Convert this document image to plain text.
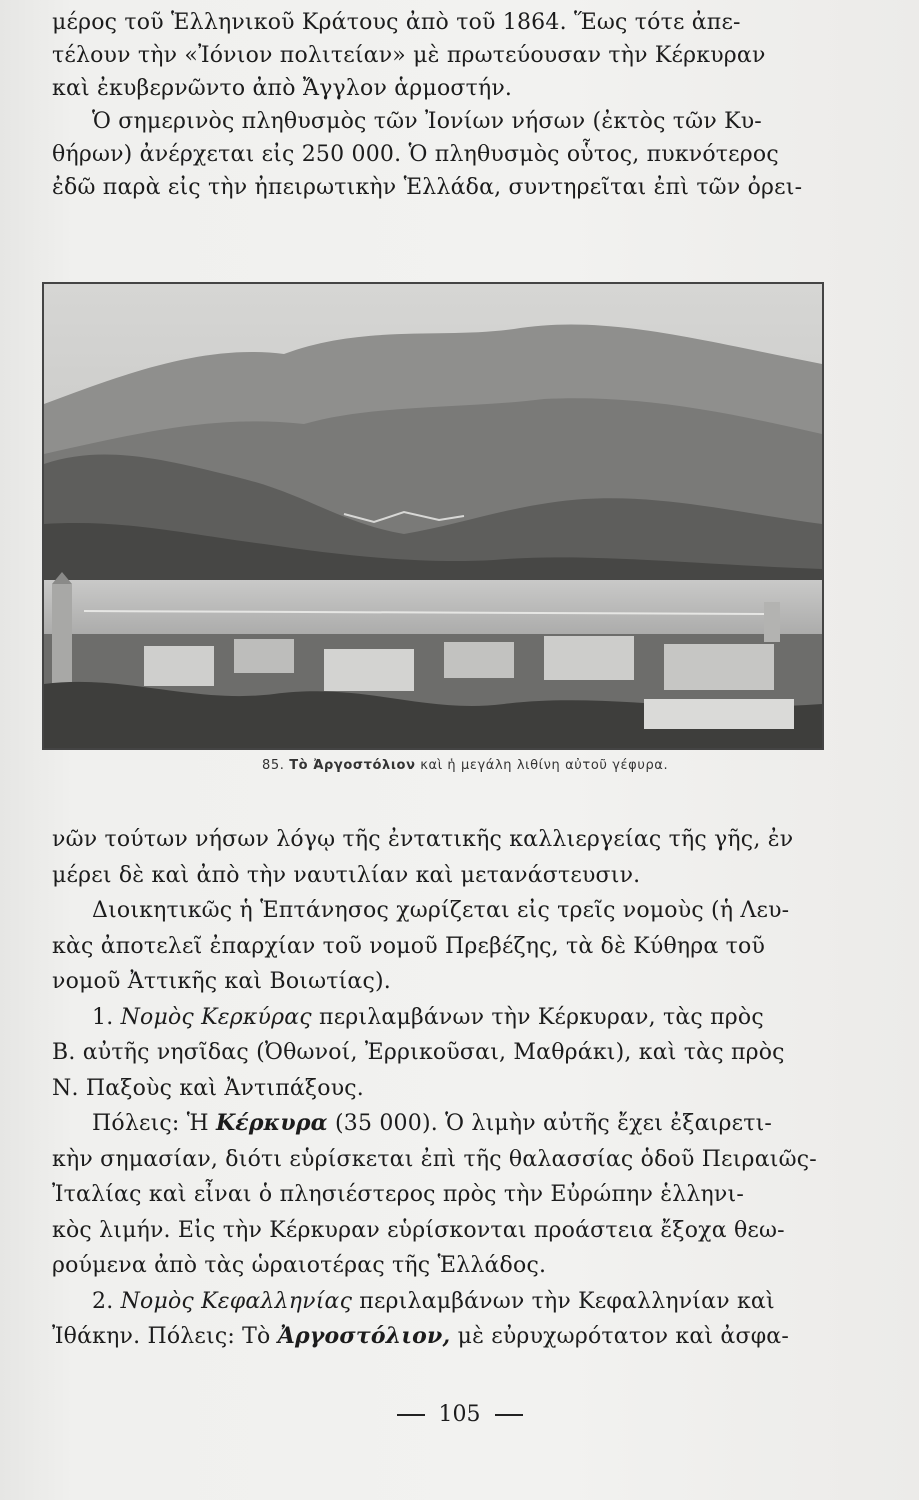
μέρος τοῦ Ἑλληνικοῦ Κράτους ἀπὸ τοῦ 1864. Ἕως τότε ἀπε-

τέλουν τὴν «Ἰόνιον πολιτείαν» μὲ πρωτεύουσαν τὴν Κέρκυραν

καὶ ἐκυβερνῶντο ἀπὸ Ἄγγλον ἁρμοστήν.

Ὁ σημερινὸς πληθυσμὸς τῶν Ἰονίων νήσων (ἐκτὸς τῶν Κυ-

θήρων) ἀνέρχεται εἰς 250 000. Ὁ πληθυσμὸς οὗτος, πυκνότερος

ἐδῶ παρὰ εἰς τὴν ἠπειρωτικὴν Ἑλλάδα, συντηρεῖται ἐπὶ τῶν ὀρει-

85. Τὸ Ἀργοστόλιον καὶ ἡ μεγάλη λιθίνη αὐτοῦ γέφυρα.

νῶν τούτων νήσων λόγῳ τῆς ἐντατικῆς καλλιεργείας τῆς γῆς, ἐν

μέρει δὲ καὶ ἀπὸ τὴν ναυτιλίαν καὶ μετανάστευσιν.

Διοικητικῶς ἡ Ἑπτάνησος χωρίζεται εἰς τρεῖς νομοὺς (ἡ Λευ-

κὰς ἀποτελεῖ ἐπαρχίαν τοῦ νομοῦ Πρεβέζης, τὰ δὲ Κύθηρα τοῦ

νομοῦ Ἀττικῆς καὶ Βοιωτίας).

1. Νομὸς Κερκύρας περιλαμβάνων τὴν Κέρκυραν, τὰς πρὸς

Β. αὐτῆς νησῖδας (Ὀθωνοί, Ἐρρικοῦσαι, Μαθράκι), καὶ τὰς πρὸς

Ν. Παξοὺς καὶ Ἀντιπάξους.

Πόλεις: Ἡ Κέρκυρα (35 000). Ὁ λιμὴν αὐτῆς ἔχει ἐξαιρετι-

κὴν σημασίαν, διότι εὑρίσκεται ἐπὶ τῆς θαλασσίας ὁδοῦ Πειραιῶς-

Ἰταλίας καὶ εἶναι ὁ πλησιέστερος πρὸς τὴν Εὐρώπην ἑλληνι-

κὸς λιμήν. Εἰς τὴν Κέρκυραν εὑρίσκονται προάστεια ἔξοχα θεω-

ρούμενα ἀπὸ τὰς ὡραιοτέρας τῆς Ἑλλάδος.

2. Νομὸς Κεφαλληνίας περιλαμβάνων τὴν Κεφαλληνίαν καὶ

Ἰθάκην. Πόλεις: Τὸ Ἀργοστόλιον, μὲ εὐρυχωρότατον καὶ ἀσφα-

105
